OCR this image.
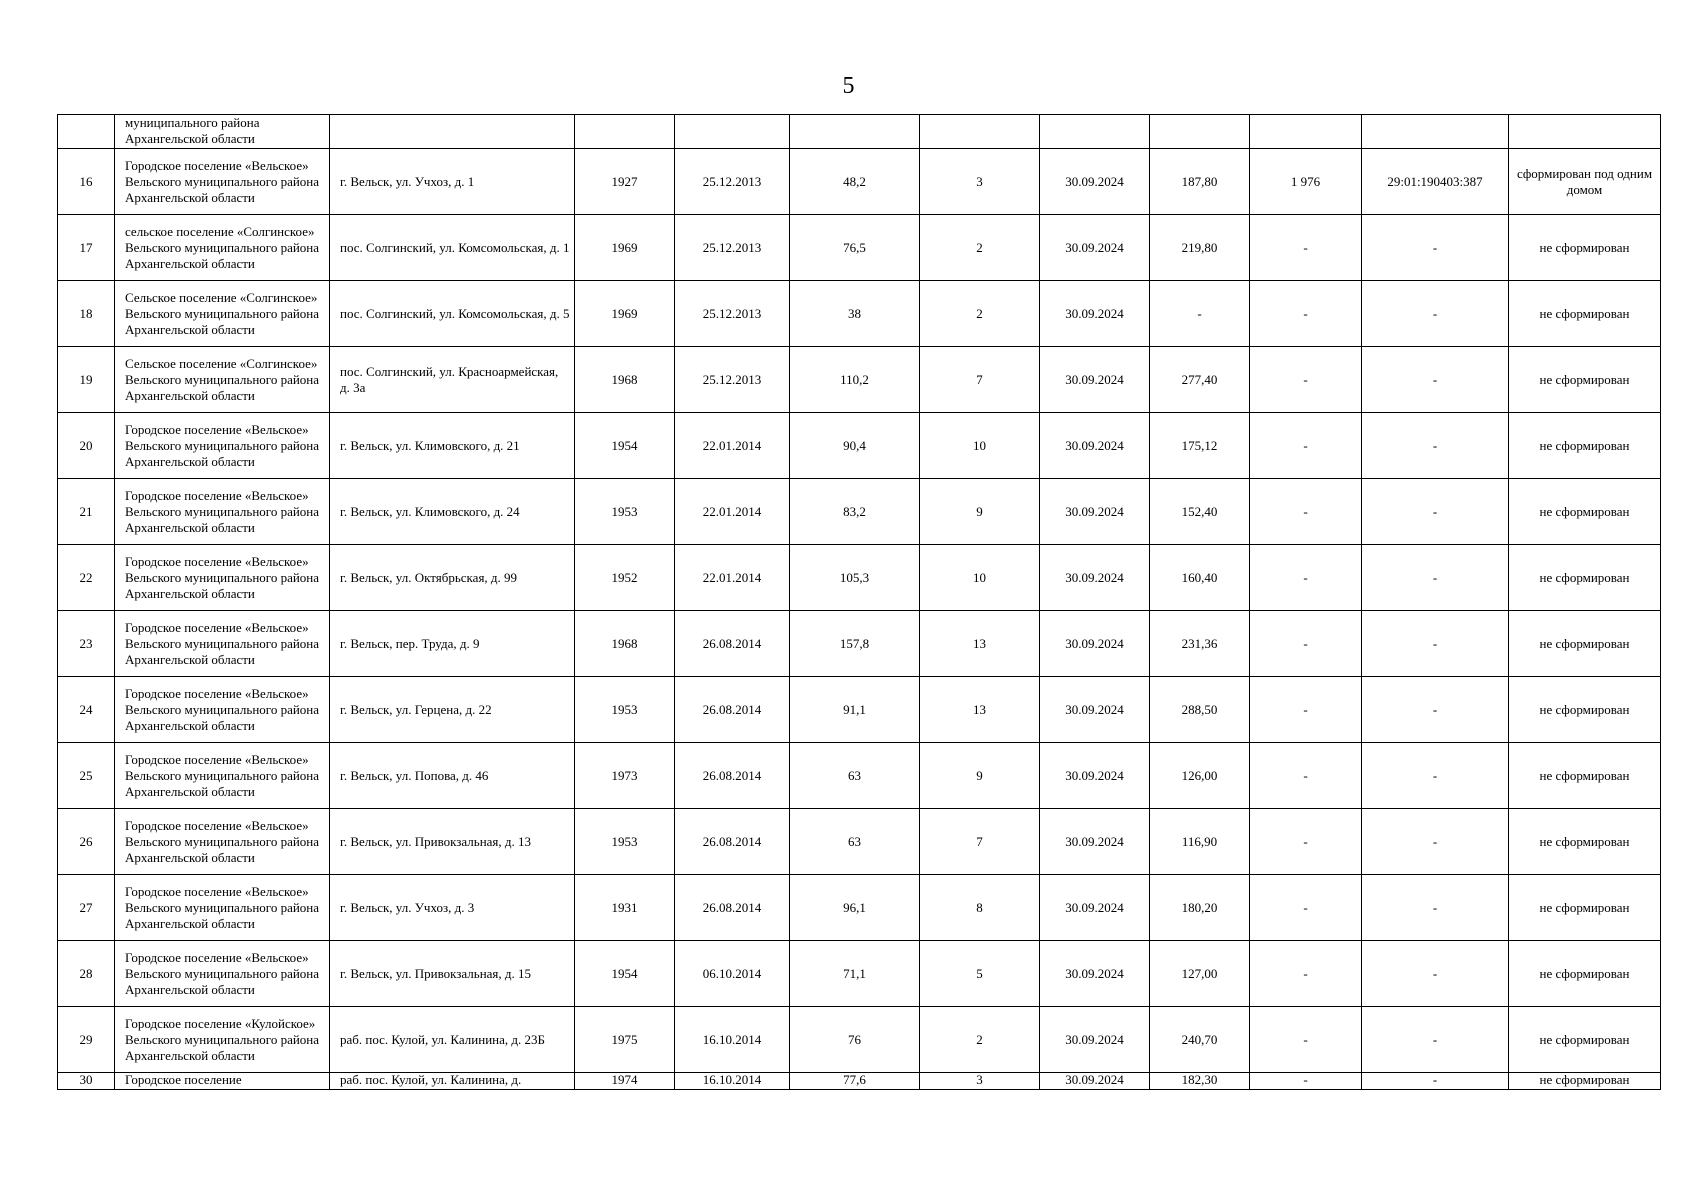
5
	муниципального района Архангельской области										
16	Городское поселение «Вельское» Вельского муниципального района Архангельской области	г. Вельск, ул. Учхоз, д. 1	1927	25.12.2013	48,2	3	30.09.2024	187,80	1 976	29:01:190403:387	сформирован под одним домом
17	сельское поселение «Солгинское» Вельского муниципального района Архангельской области	пос. Солгинский, ул. Комсомольская, д. 1	1969	25.12.2013	76,5	2	30.09.2024	219,80	-	-	не сформирован
18	Сельское поселение «Солгинское» Вельского муниципального района Архангельской области	пос. Солгинский, ул. Комсомольская, д. 5	1969	25.12.2013	38	2	30.09.2024	-	-	-	не сформирован
19	Сельское поселение «Солгинское» Вельского муниципального района Архангельской области	пос. Солгинский, ул. Красноармейская, д. 3а	1968	25.12.2013	110,2	7	30.09.2024	277,40	-	-	не сформирован
20	Городское поселение «Вельское» Вельского муниципального района Архангельской области	г. Вельск, ул. Климовского, д. 21	1954	22.01.2014	90,4	10	30.09.2024	175,12	-	-	не сформирован
21	Городское поселение «Вельское» Вельского муниципального района Архангельской области	г. Вельск, ул. Климовского, д. 24	1953	22.01.2014	83,2	9	30.09.2024	152,40	-	-	не сформирован
22	Городское поселение «Вельское» Вельского муниципального района Архангельской области	г. Вельск, ул. Октябрьская, д. 99	1952	22.01.2014	105,3	10	30.09.2024	160,40	-	-	не сформирован
23	Городское поселение «Вельское» Вельского муниципального района Архангельской области	г. Вельск, пер. Труда, д. 9	1968	26.08.2014	157,8	13	30.09.2024	231,36	-	-	не сформирован
24	Городское поселение «Вельское» Вельского муниципального района Архангельской области	г. Вельск, ул. Герцена, д. 22	1953	26.08.2014	91,1	13	30.09.2024	288,50	-	-	не сформирован
25	Городское поселение «Вельское» Вельского муниципального района Архангельской области	г. Вельск, ул. Попова, д. 46	1973	26.08.2014	63	9	30.09.2024	126,00	-	-	не сформирован
26	Городское поселение «Вельское» Вельского муниципального района Архангельской области	г. Вельск, ул. Привокзальная, д. 13	1953	26.08.2014	63	7	30.09.2024	116,90	-	-	не сформирован
27	Городское поселение «Вельское» Вельского муниципального района Архангельской области	г. Вельск, ул. Учхоз, д. 3	1931	26.08.2014	96,1	8	30.09.2024	180,20	-	-	не сформирован
28	Городское поселение «Вельское» Вельского муниципального района Архангельской области	г. Вельск, ул. Привокзальная, д. 15	1954	06.10.2014	71,1	5	30.09.2024	127,00	-	-	не сформирован
29	Городское поселение «Кулойское» Вельского муниципального района Архангельской области	раб. пос. Кулой, ул. Калинина, д. 23Б	1975	16.10.2014	76	2	30.09.2024	240,70	-	-	не сформирован
30	Городское поселение	раб. пос. Кулой, ул. Калинина, д.	1974	16.10.2014	77,6	3	30.09.2024	182,30	-	-	не сформирован
